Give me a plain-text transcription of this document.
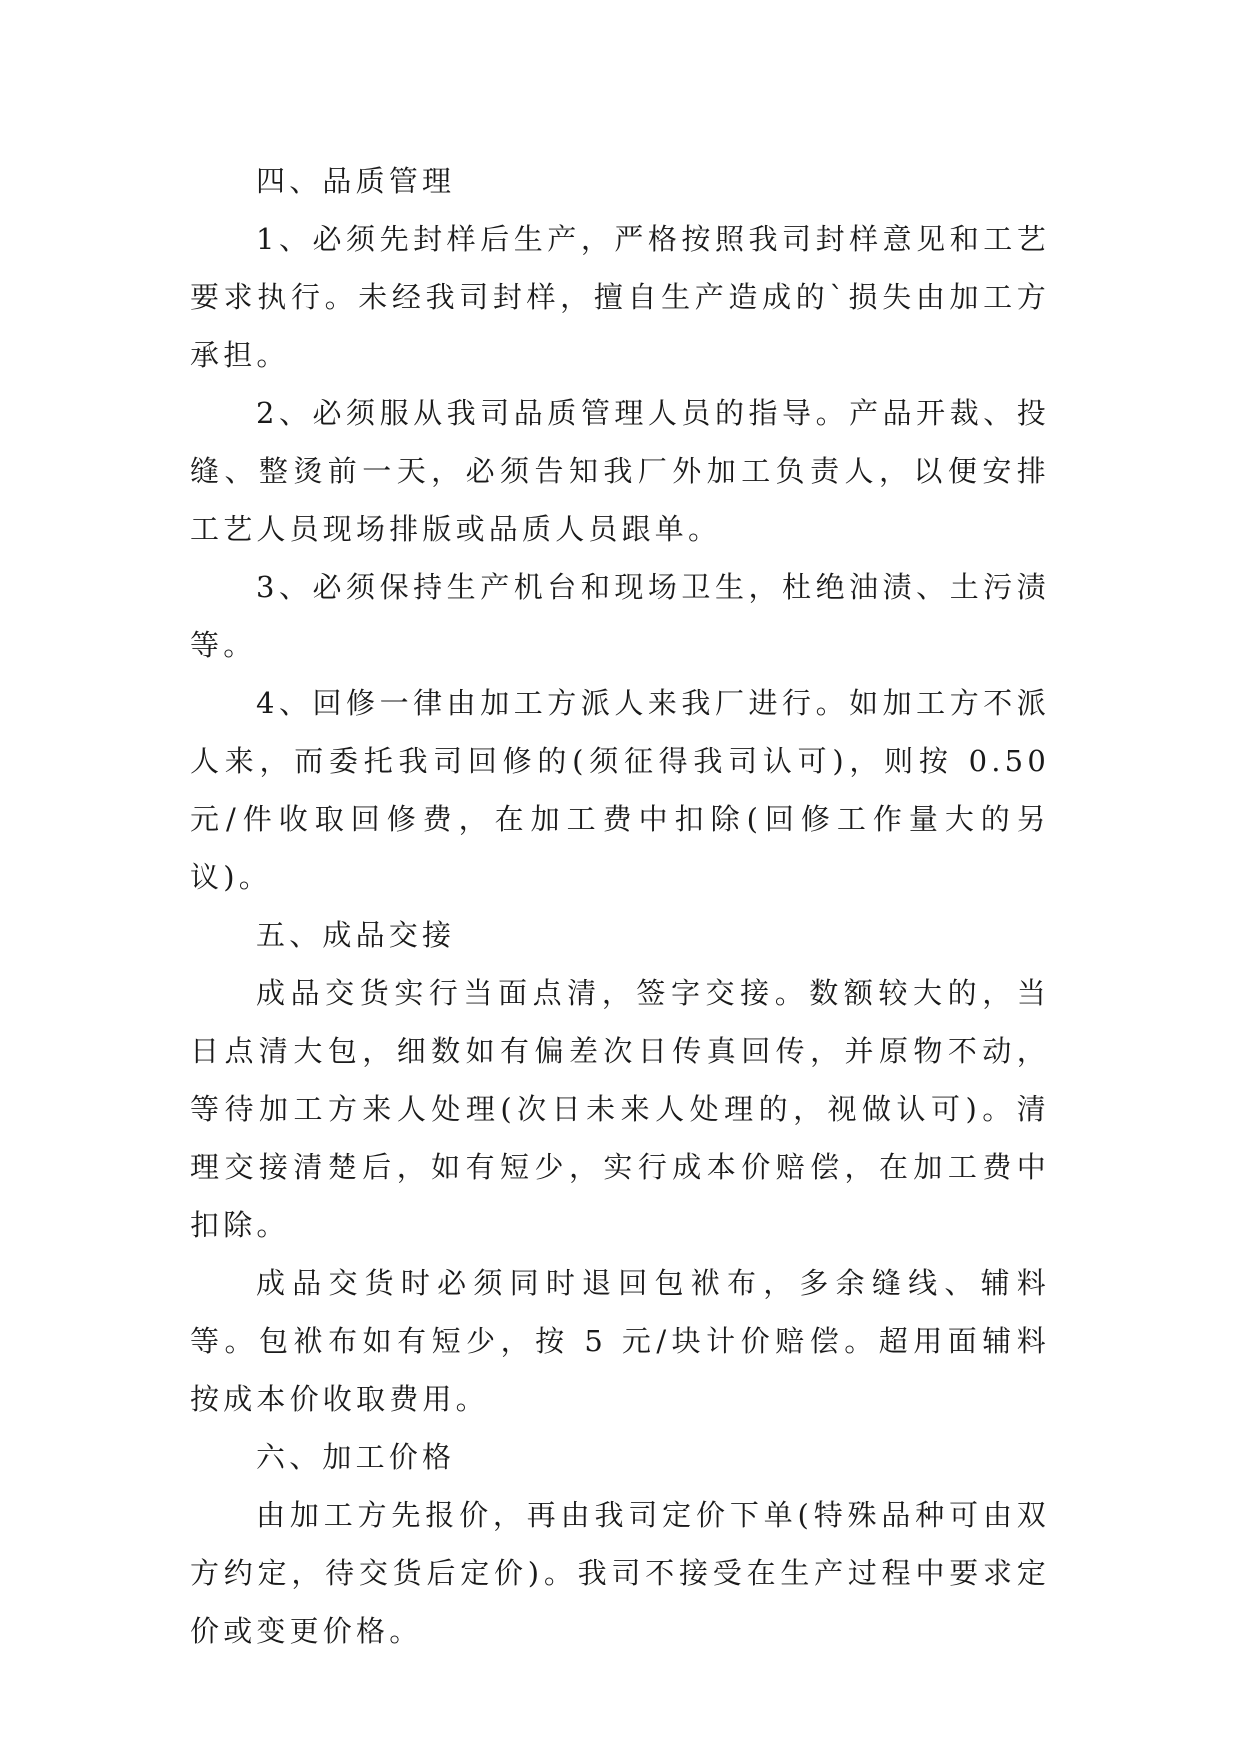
四、品质管理

1、必须先封样后生产，严格按照我司封样意见和工艺要求执行。未经我司封样，擅自生产造成的`损失由加工方承担。

2、必须服从我司品质管理人员的指导。产品开裁、投缝、整烫前一天，必须告知我厂外加工负责人，以便安排工艺人员现场排版或品质人员跟单。

3、必须保持生产机台和现场卫生，杜绝油渍、土污渍等。

4、回修一律由加工方派人来我厂进行。如加工方不派人来，而委托我司回修的(须征得我司认可)，则按 0.50 元/件收取回修费，在加工费中扣除(回修工作量大的另议)。

五、成品交接

成品交货实行当面点清，签字交接。数额较大的，当日点清大包，细数如有偏差次日传真回传，并原物不动，等待加工方来人处理(次日未来人处理的，视做认可)。清理交接清楚后，如有短少，实行成本价赔偿，在加工费中扣除。

成品交货时必须同时退回包袱布，多余缝线、辅料等。包袱布如有短少，按 5 元/块计价赔偿。超用面辅料按成本价收取费用。

六、加工价格

由加工方先报价，再由我司定价下单(特殊品种可由双方约定，待交货后定价)。我司不接受在生产过程中要求定价或变更价格。
